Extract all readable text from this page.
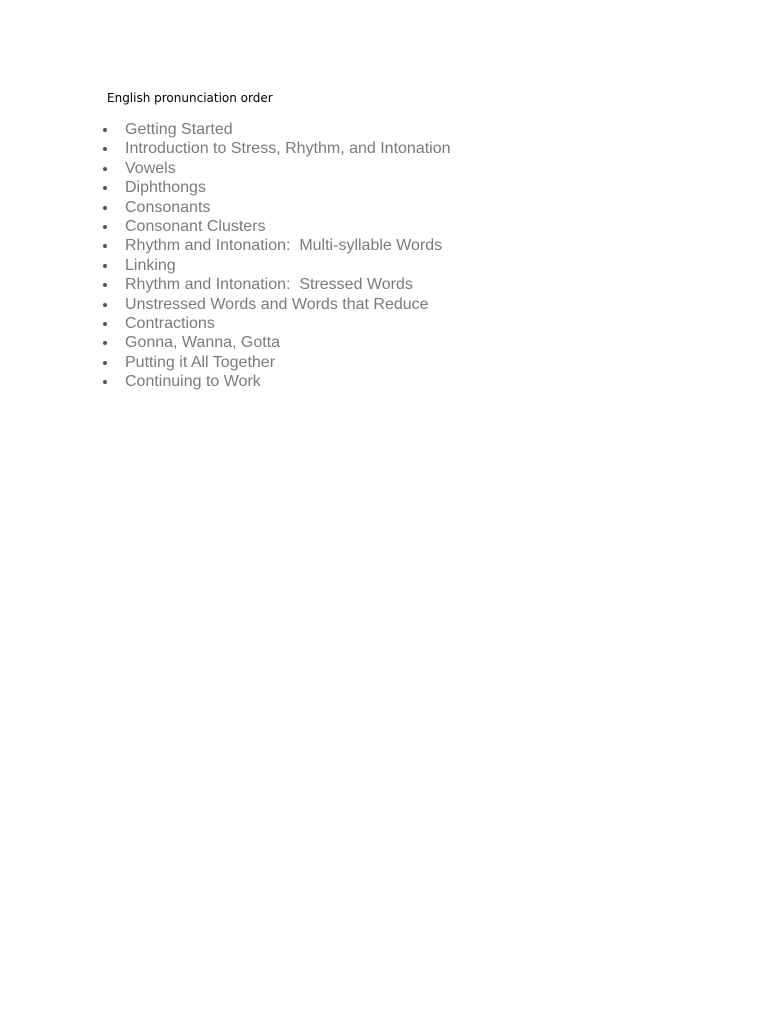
English pronunciation order
Getting Started
Introduction to Stress, Rhythm, and Intonation
Vowels
Diphthongs
Consonants
Consonant Clusters
Rhythm and Intonation:  Multi-syllable Words
Linking
Rhythm and Intonation:  Stressed Words
Unstressed Words and Words that Reduce
Contractions
Gonna, Wanna, Gotta
Putting it All Together
Continuing to Work
